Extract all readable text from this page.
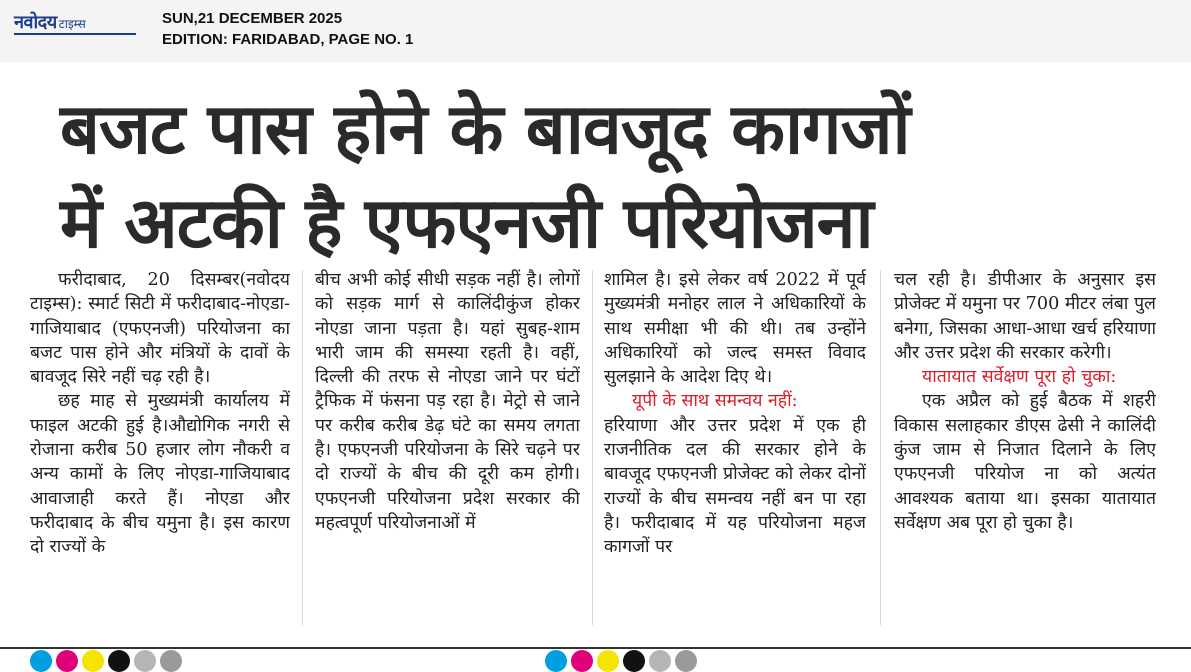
नवोदय टाइम्स	SUN,21 DECEMBER 2025
EDITION: FARIDABAD, PAGE NO. 1
बजट पास होने के बावजूद कागजों
में अटकी है एफएनजी परियोजना

फरीदाबाद, 20 दिसम्बर(नवोदय टाइम्स): स्मार्ट सिटी में फरीदाबाद-नोएडा-गाजियाबाद (एफएनजी) परियोजना का बजट पास होने और मंत्रियों के दावों के बावजूद सिरे नहीं चढ़ रही है।

छह माह से मुख्यमंत्री कार्यालय में फाइल अटकी हुई है।औद्योगिक नगरी से रोजाना करीब 50 हजार लोग नौकरी व अन्य कामों के लिए नोएडा-गाजियाबाद आवाजाही करते हैं। नोएडा और फरीदाबाद के बीच यमुना है। इस कारण दो राज्यों के

बीच अभी कोई सीधी सड़क नहीं है। लोगों को सड़क मार्ग से कालिंदीकुंज होकर नोएडा जाना पड़ता है। यहां सुबह-शाम भारी जाम की समस्या रहती है। वहीं, दिल्ली की तरफ से नोएडा जाने पर घंटों ट्रैफिक में फंसना पड़ रहा है। मेट्रो से जाने पर करीब करीब डेढ़ घंटे का समय लगता है। एफएनजी परियोजना के सिरे चढ़ने पर दो राज्यों के बीच की दूरी कम होगी। एफएनजी परियोजना प्रदेश सरकार की महत्वपूर्ण परियोजनाओं में

शामिल है। इसे लेकर वर्ष 2022 में पूर्व मुख्यमंत्री मनोहर लाल ने अधिकारियों के साथ समीक्षा भी की थी। तब उन्होंने अधिकारियों को जल्द समस्त विवाद सुलझाने के आदेश दिए थे।

यूपी के साथ समन्वय नहीं:

हरियाणा और उत्तर प्रदेश में एक ही राजनीतिक दल की सरकार होने के बावजूद एफएनजी प्रोजेक्ट को लेकर दोनों राज्यों के बीच समन्वय नहीं बन पा रहा है। फरीदाबाद में यह परियोजना महज कागजों पर

चल रही है। डीपीआर के अनुसार इस प्रोजेक्ट में यमुना पर 700 मीटर लंबा पुल बनेगा, जिसका आधा-आधा खर्च हरियाणा और उत्तर प्रदेश की सरकार करेगी।

यातायात सर्वेक्षण पूरा हो चुका:

एक अप्रैल को हुई बैठक में शहरी विकास सलाहकार डीएस ढेसी ने कालिंदी कुंज जाम से निजात दिलाने के लिए एफएनजी परियोज ना को अत्यंत आवश्यक बताया था। इसका यातायात सर्वेक्षण अब पूरा हो चुका है।
